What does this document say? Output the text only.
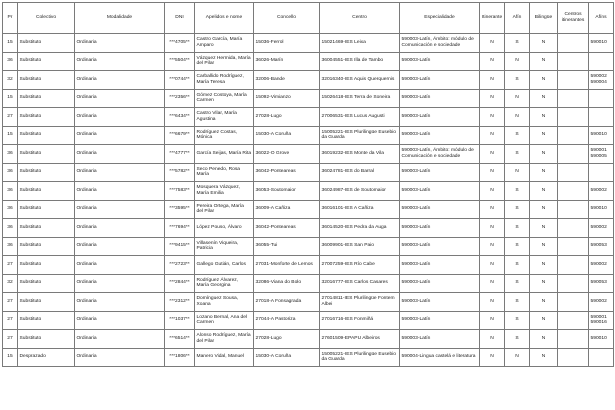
Pr	Colectivo	Modalidade	DNI	Apelidos e nome	Concello	Centro	Especialidade	Itinerante	Afín	Bilingüe	Centros itinerantes	Afíns
15	Substituto	Ordinaria	***4705**	Castro García, María Amparo	15036-Ferrol	15021469-IES Leixa	590003-Latín, Ámbito: módulo de Comunicación e sociedade	N	S	N		590010
36	Substituto	Ordinaria	***5504**	Vázquez Hermida, María del Pilar	36026-Marín	36004551-IES Illa de Tambo	590003-Latín	N	N	N		
32	Substituto	Ordinaria	***0744**	Carballido Rodríguez, María Teresa	32006-Bande	32016340-IES Aquis Querquernis	590003-Latín	N	S	N		590002
590004

15	Substituto	Ordinaria	***2356**	Gómez Costoya, María Carmen	15092-Vimianzo	15026418-IES Terra de Soneira	590003-Latín	N	N	N		
27	Substituto	Ordinaria	***6434**	Castro Vilar, María Agustina	27028-Lugo	27006531-IES Lucus Augusti	590003-Latín	N	N	N		
15	Substituto	Ordinaria	***6679**	Rodríguez Costas, Mónica	15030-A Coruña	15005221-IES Plurilingüe Eusebio da Guarda	590003-Latín	N	S	N		590010
36	Substituto	Ordinaria	***4777**	García Seijas, María Rita	36022-O Grove	36019232-IES Monte da Vila	590003-Latín, Ámbito: módulo de Comunicación e sociedade	N	S	N		590001
590005

36	Substituto	Ordinaria	***5782**	Seco Penedo, Rosa María	36042-Ponteareas	36024781-IES do Barral	590003-Latín	N	N	N		
36	Substituto	Ordinaria	***7583**	Mosquera Vázquez, María Emilia	36053-Soutomaior	36024987-IES de Soutomaior	590003-Latín	N	S	N		590002
36	Substituto	Ordinaria	***3595**	Pereira Ortega, María del Pilar	36009-A Cañiza	36016101-IES A Cañiza	590003-Latín	N	S	N		590010
36	Substituto	Ordinaria	***7694**	López Pouso, Álvaro	36042-Ponteareas	36014520-IES Pedra da Auga	590003-Latín	N	S	N		590002
36	Substituto	Ordinaria	***9415**	Villasenín Viqueira, Patricia	36055-Tui	36009901-IES San Paio	590003-Latín	N	S	N		590053
27	Substituto	Ordinaria	***2723**	Gallego Gutián, Carlos	27031-Monforte de Lemos	27007259-IES Río Cabe	590003-Latín	N	S	N		590002
32	Substituto	Ordinaria	***2844**	Rodríguez Álvarez, María Georgina	32086-Viana do Bolo	32016777-IES Carlos Casares	590003-Latín	N	S	N		590053
27	Substituto	Ordinaria	***2312**	Domínguez Sousa, Xoana	27018-A Fonsagrada	27014811-IES Plurilingüe Fontem Albei	590003-Latín	N	S	N		590002
27	Substituto	Ordinaria	***1037**	Lozano Bernal, Ana del Carmen	27044-A Pastoriza	27016716-IES Fonmiñá	590003-Latín	N	S	N		590001
590016

27	Substituto	Ordinaria	***6514**	Alonso Rodríguez, María del Pilar	27028-Lugo	27601509-EPAPU Albeiros	590003-Latín	N	S	N		590010
15	Desprazado	Ordinaria	***1806**	Manero Vidal, Manuel	15030-A Coruña	15005221-IES Plurilingüe Eusebio da Guarda	590004-Lingua castelá e literatura	N	N	N		
